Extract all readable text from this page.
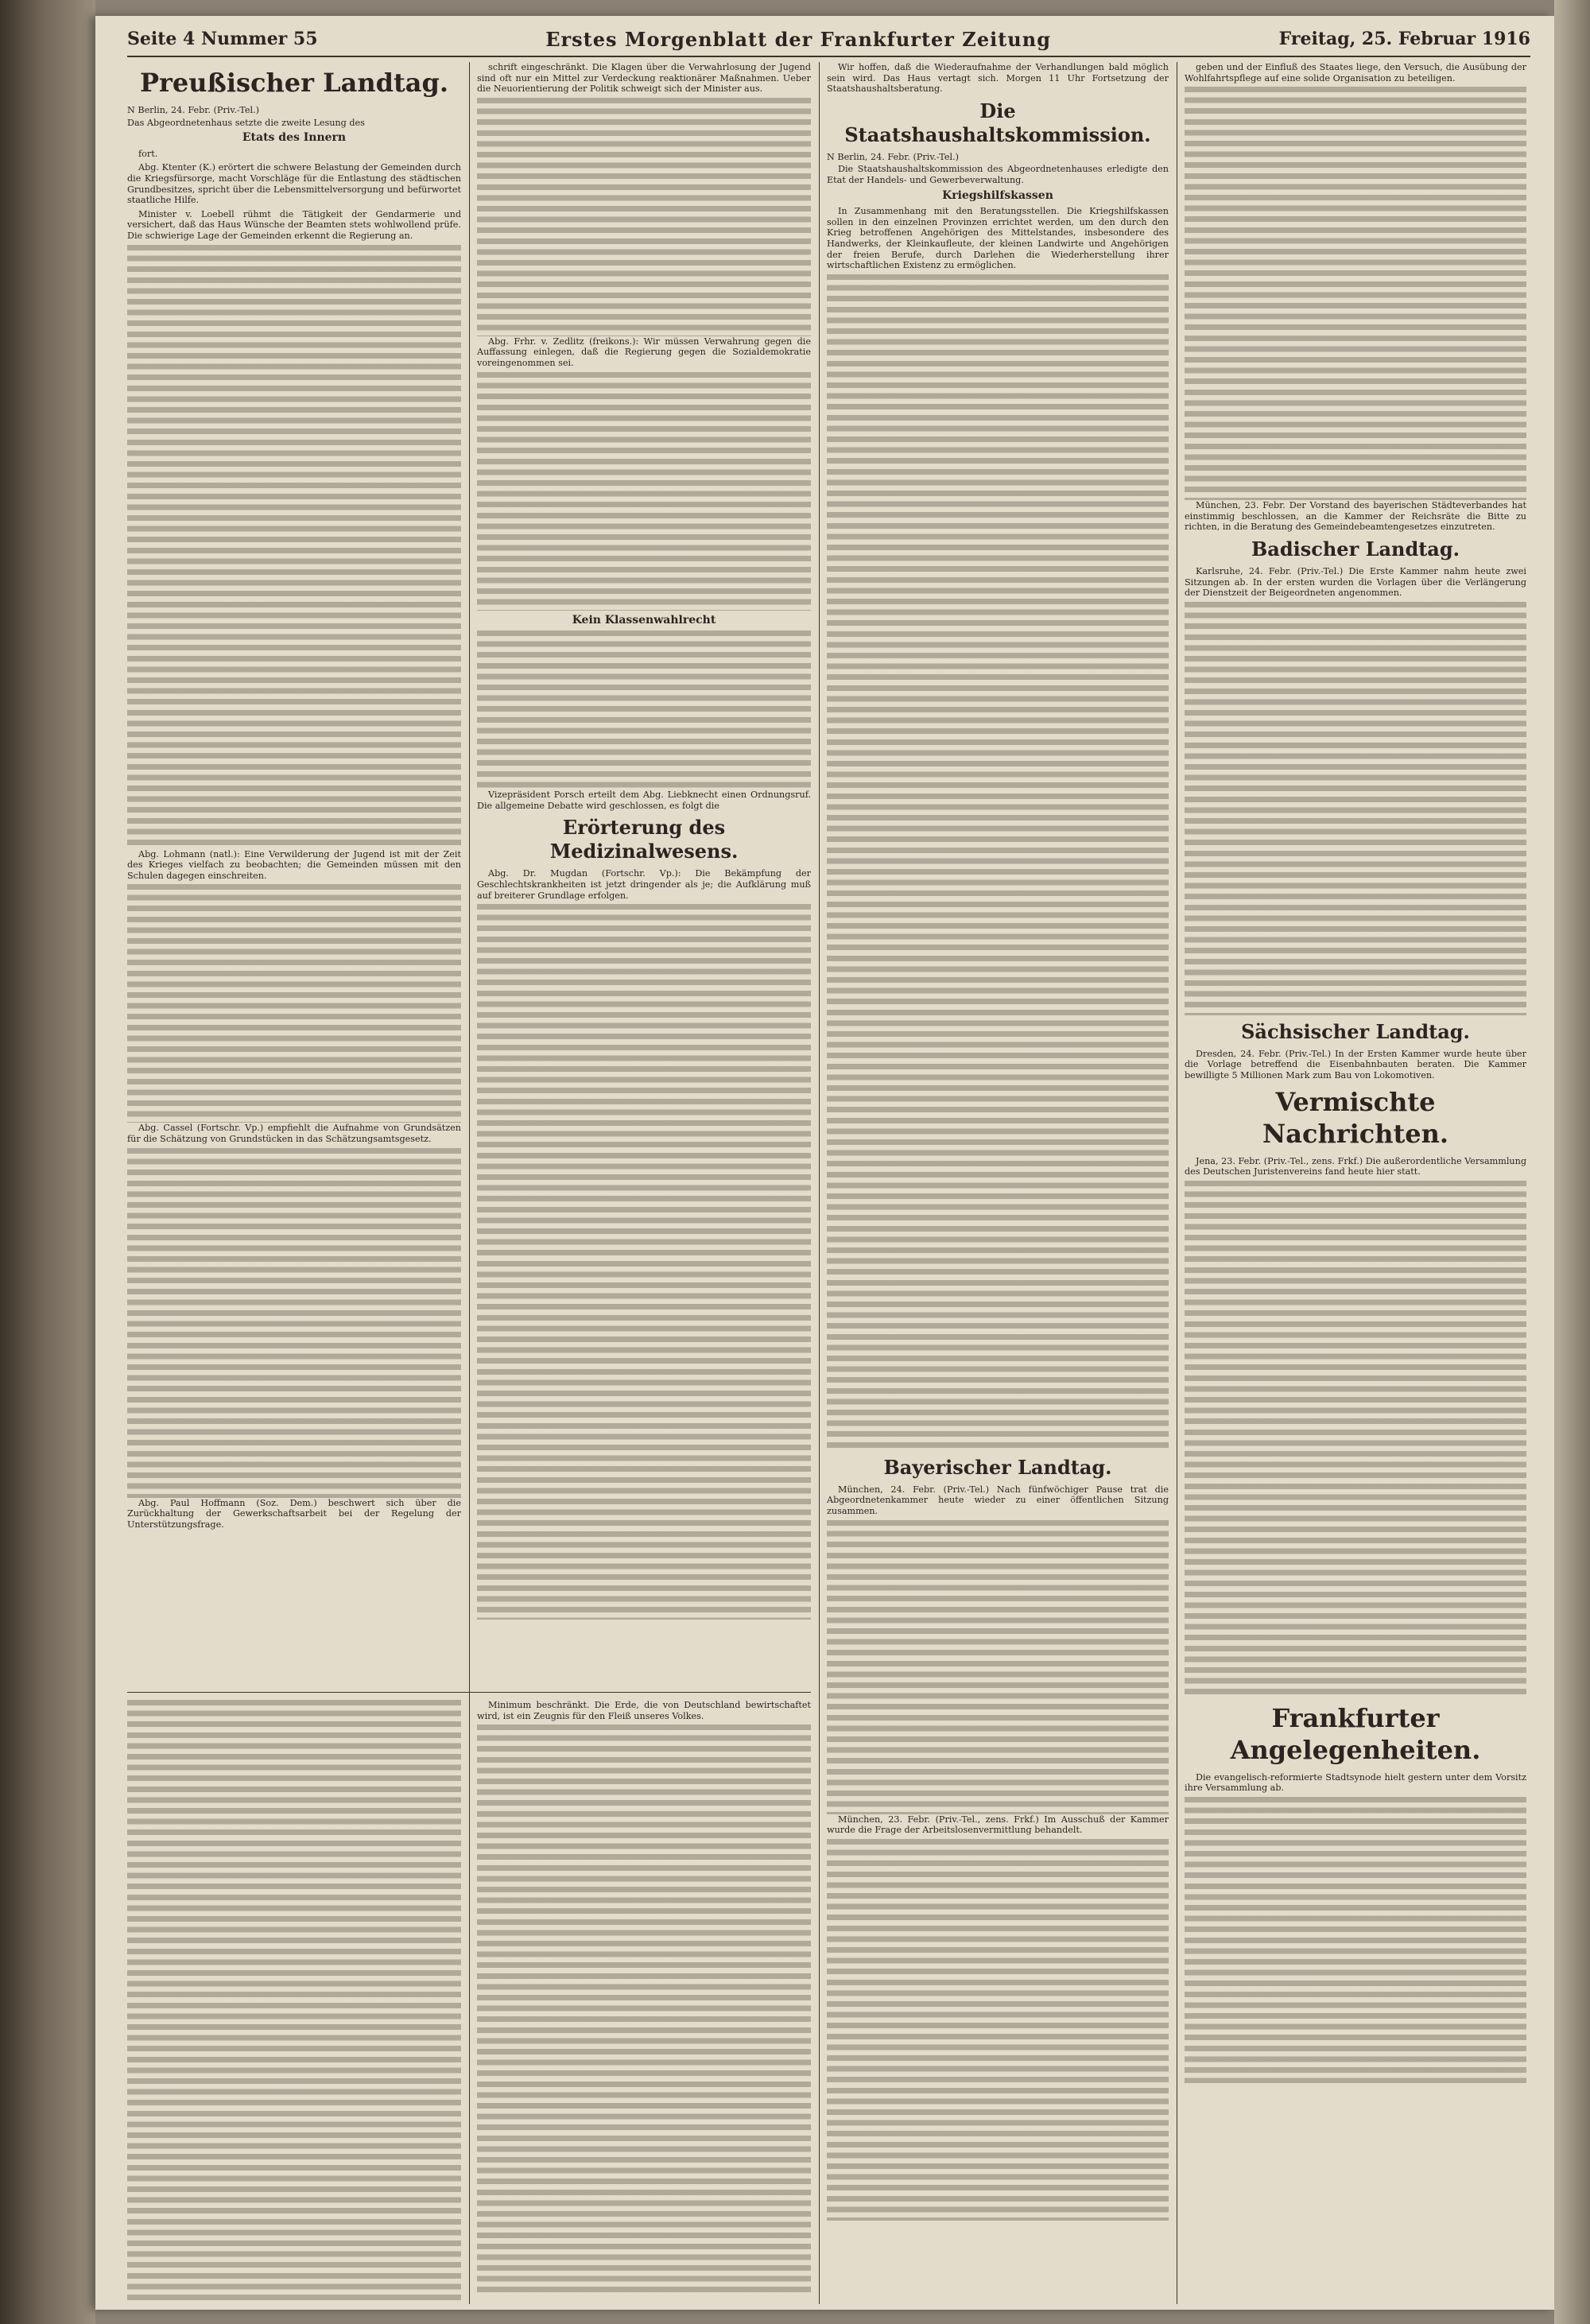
Seite 4 Nummer 55	Erstes Morgenblatt der Frankfurter Zeitung	Freitag, 25. Februar 1916
Preußischer Landtag.
N Berlin, 24. Febr. (Priv.-Tel.)
Das Abgeordnetenhaus setzte die zweite Lesung des
Etats des Innern

fort.

Abg. Ktenter (K.) erörtert die schwere Belastung der Gemeinden durch die Kriegsfürsorge, macht Vorschläge für die Entlastung des städtischen Grundbesitzes, spricht über die Lebensmittelversorgung und befürwortet staatliche Hilfe.

Minister v. Loebell rühmt die Tätigkeit der Gendarmerie und versichert, daß das Haus Wünsche der Beamten stets wohlwollend prüfe. Die schwierige Lage der Gemeinden erkennt die Regierung an.

Abg. Lohmann (natl.): Eine Verwilderung der Jugend ist mit der Zeit des Krieges vielfach zu beobachten; die Gemeinden müssen mit den Schulen dagegen einschreiten.

Abg. Cassel (Fortschr. Vp.) empfiehlt die Aufnahme von Grundsätzen für die Schätzung von Grundstücken in das Schätzungsamtsgesetz.

Abg. Paul Hoffmann (Soz. Dem.) beschwert sich über die Zurückhaltung der Gewerkschaftsarbeit bei der Regelung der Unterstützungsfrage.

schrift eingeschränkt. Die Klagen über die Verwahrlosung der Jugend sind oft nur ein Mittel zur Verdeckung reaktionärer Maßnahmen. Ueber die Neuorientierung der Politik schweigt sich der Minister aus.

Abg. Frhr. v. Zedlitz (freikons.): Wir müssen Verwahrung gegen die Auffassung einlegen, daß die Regierung gegen die Sozialdemokratie voreingenommen sei.

Kein Klassenwahlrecht

Vizepräsident Porsch erteilt dem Abg. Liebknecht einen Ordnungsruf. Die allgemeine Debatte wird geschlossen, es folgt die

Erörterung des Medizinalwesens.

Abg. Dr. Mugdan (Fortschr. Vp.): Die Bekämpfung der Geschlechtskrankheiten ist jetzt dringender als je; die Aufklärung muß auf breiterer Grundlage erfolgen.

Minimum beschränkt. Die Erde, die von Deutschland bewirtschaftet wird, ist ein Zeugnis für den Fleiß unseres Volkes.

Wir hoffen, daß die Wiederaufnahme der Verhandlungen bald möglich sein wird. Das Haus vertagt sich. Morgen 11 Uhr Fortsetzung der Staatshaushaltsberatung.

Die Staatshaushaltskommission.
N Berlin, 24. Febr. (Priv.-Tel.)

Die Staatshaushaltskommission des Abgeordnetenhauses erledigte den Etat der Handels- und Gewerbeverwaltung.

Kriegshilfskassen

In Zusammenhang mit den Beratungsstellen. Die Kriegshilfskassen sollen in den einzelnen Provinzen errichtet werden, um den durch den Krieg betroffenen Angehörigen des Mittelstandes, insbesondere des Handwerks, der Kleinkaufleute, der kleinen Landwirte und Angehörigen der freien Berufe, durch Darlehen die Wiederherstellung ihrer wirtschaftlichen Existenz zu ermöglichen.

Bayerischer Landtag.

München, 24. Febr. (Priv.-Tel.) Nach fünfwöchiger Pause trat die Abgeordnetenkammer heute wieder zu einer öffentlichen Sitzung zusammen.

München, 23. Febr. (Priv.-Tel., zens. Frkf.) Im Ausschuß der Kammer wurde die Frage der Arbeitslosenvermittlung behandelt.

geben und der Einfluß des Staates liege, den Versuch, die Ausübung der Wohlfahrtspflege auf eine solide Organisation zu beteiligen.

München, 23. Febr. Der Vorstand des bayerischen Städteverbandes hat einstimmig beschlossen, an die Kammer der Reichsräte die Bitte zu richten, in die Beratung des Gemeindebeamtengesetzes einzutreten.

Badischer Landtag.

Karlsruhe, 24. Febr. (Priv.-Tel.) Die Erste Kammer nahm heute zwei Sitzungen ab. In der ersten wurden die Vorlagen über die Verlängerung der Dienstzeit der Beigeordneten angenommen.

Sächsischer Landtag.

Dresden, 24. Febr. (Priv.-Tel.) In der Ersten Kammer wurde heute über die Vorlage betreffend die Eisenbahnbauten beraten. Die Kammer bewilligte 5 Millionen Mark zum Bau von Lokomotiven.

Vermischte Nachrichten.

Jena, 23. Febr. (Priv.-Tel., zens. Frkf.) Die außerordentliche Versammlung des Deutschen Juristenvereins fand heute hier statt.

Frankfurter Angelegenheiten.

Die evangelisch-reformierte Stadtsynode hielt gestern unter dem Vorsitz ihre Versammlung ab.
